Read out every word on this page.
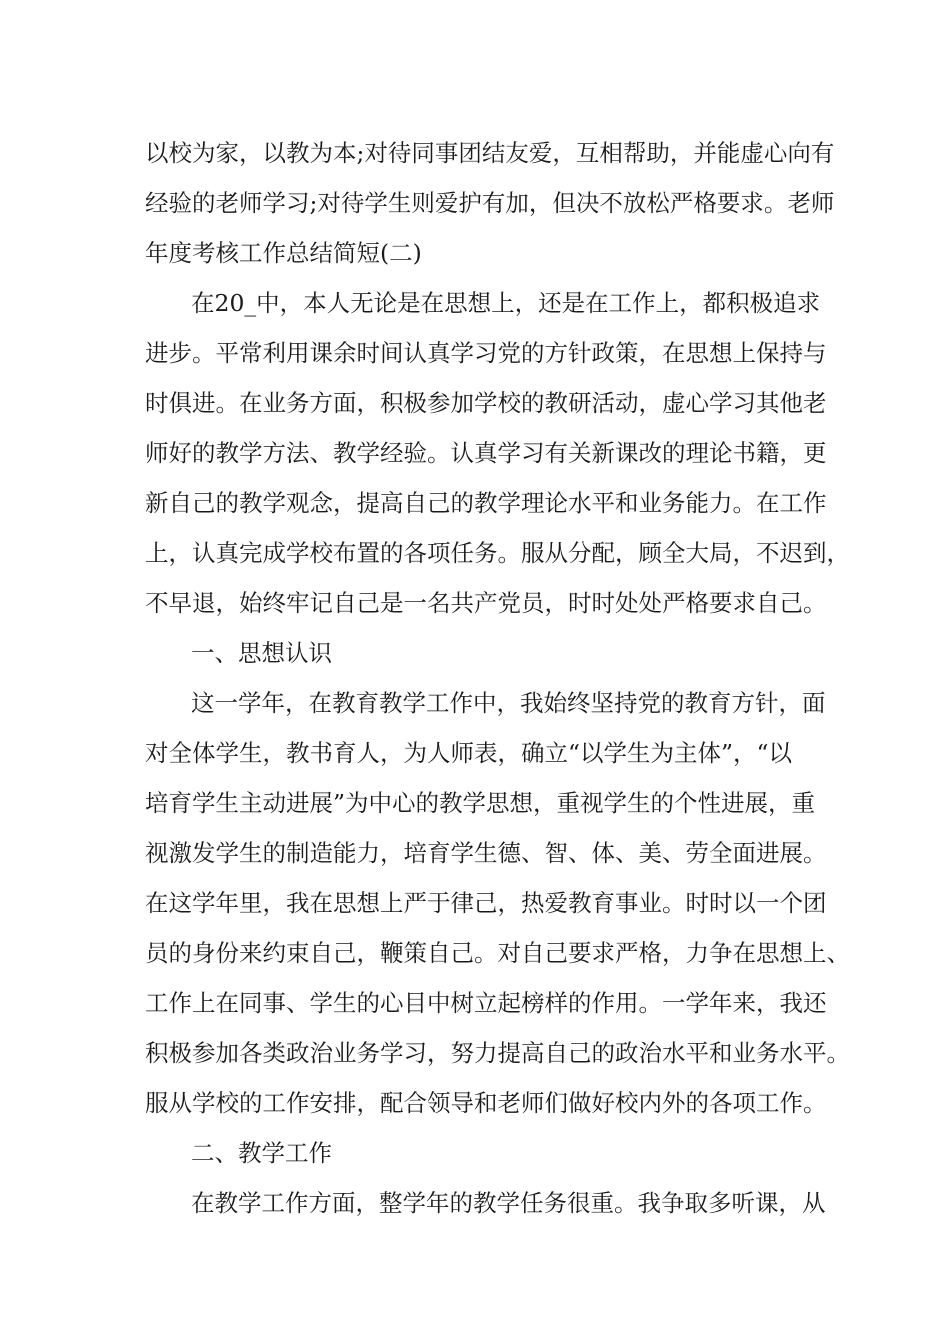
以校为家，以教为本;对待同事团结友爱，互相帮助，并能虚心向有
经验的老师学习;对待学生则爱护有加，但决不放松严格要求。老师
年度考核工作总结简短(二)
在20_中，本人无论是在思想上，还是在工作上，都积极追求
进步。平常利用课余时间认真学习党的方针政策，在思想上保持与
时俱进。在业务方面，积极参加学校的教研活动，虚心学习其他老
师好的教学方法、教学经验。认真学习有关新课改的理论书籍，更
新自己的教学观念，提高自己的教学理论水平和业务能力。在工作
上，认真完成学校布置的各项任务。服从分配，顾全大局，不迟到，
不早退，始终牢记自己是一名共产党员，时时处处严格要求自己。
一、思想认识
这一学年，在教育教学工作中，我始终坚持党的教育方针，面
对全体学生，教书育人，为人师表，确立“以学生为主体”，“以
培育学生主动进展”为中心的教学思想，重视学生的个性进展，重
视激发学生的制造能力，培育学生德、智、体、美、劳全面进展。
在这学年里，我在思想上严于律己，热爱教育事业。时时以一个团
员的身份来约束自己，鞭策自己。对自己要求严格，力争在思想上、
工作上在同事、学生的心目中树立起榜样的作用。一学年来，我还
积极参加各类政治业务学习，努力提高自己的政治水平和业务水平。
服从学校的工作安排，配合领导和老师们做好校内外的各项工作。
二、教学工作
在教学工作方面，整学年的教学任务很重。我争取多听课，从
